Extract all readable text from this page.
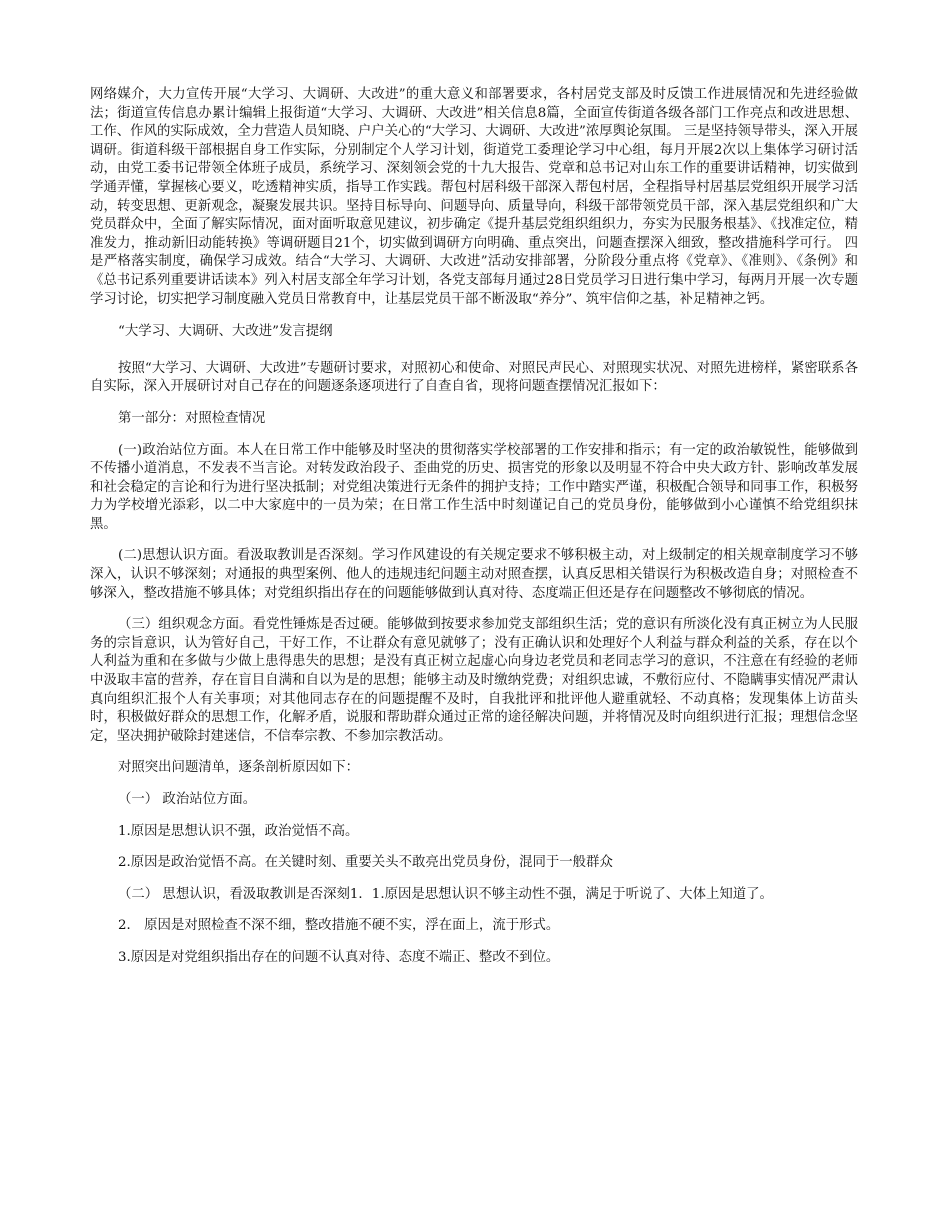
网络媒介，大力宣传开展“大学习、大调研、大改进”的重大意义和部署要求，各村居党支部及时反馈工作进展情况和先进经验做法；街道宣传信息办累计编辑上报街道“大学习、大调研、大改进”相关信息8篇，全面宣传街道各级各部门工作亮点和改进思想、工作、作风的实际成效，全力营造人员知晓、户户关心的“大学习、大调研、大改进”浓厚舆论氛围。 三是坚持领导带头，深入开展调研。街道科级干部根据自身工作实际，分别制定个人学习计划，街道党工委理论学习中心组，每月开展2次以上集体学习研讨活动，由党工委书记带领全体班子成员，系统学习、深刻领会党的十九大报告、党章和总书记对山东工作的重要讲话精神，切实做到学通弄懂，掌握核心要义，吃透精神实质，指导工作实践。帮包村居科级干部深入帮包村居，全程指导村居基层党组织开展学习活动，转变思想、更新观念，凝聚发展共识。坚持目标导向、问题导向、质量导向，科级干部带领党员干部，深入基层党组织和广大党员群众中，全面了解实际情况，面对面听取意见建议，初步确定《提升基层党组织组织力，夯实为民服务根基》、《找准定位，精准发力，推动新旧动能转换》等调研题目21个，切实做到调研方向明确、重点突出，问题查摆深入细致，整改措施科学可行。 四是严格落实制度，确保学习成效。结合“大学习、大调研、大改进”活动安排部署，分阶段分重点将《党章》、《准则》、《条例》和《总书记系列重要讲话读本》列入村居支部全年学习计划，各党支部每月通过28日党员学习日进行集中学习，每两月开展一次专题学习讨论，切实把学习制度融入党员日常教育中，让基层党员干部不断汲取“养分”、筑牢信仰之基，补足精神之钙。

“大学习、大调研、大改进”发言提纲

按照“大学习、大调研、大改进”专题研讨要求，对照初心和使命、对照民声民心、对照现实状况、对照先进榜样，紧密联系各自实际，深入开展研讨对自己存在的问题逐条逐项进行了自查自省，现将问题查摆情况汇报如下：

第一部分：对照检查情况

(一)政治站位方面。本人在日常工作中能够及时坚决的贯彻落实学校部署的工作安排和指示；有一定的政治敏锐性，能够做到不传播小道消息，不发表不当言论。对转发政治段子、歪曲党的历史、损害党的形象以及明显不符合中央大政方针、影响改革发展和社会稳定的言论和行为进行坚决抵制；对党组决策进行无条件的拥护支持；工作中踏实严谨，积极配合领导和同事工作，积极努力为学校增光添彩，以二中大家庭中的一员为荣；在日常工作生活中时刻谨记自己的党员身份，能够做到小心谨慎不给党组织抹黑。

(二)思想认识方面。看汲取教训是否深刻。学习作风建设的有关规定要求不够积极主动，对上级制定的相关规章制度学习不够深入，认识不够深刻；对通报的典型案例、他人的违规违纪问题主动对照查摆，认真反思相关错误行为积极改造自身；对照检查不够深入，整改措施不够具体；对党组织指出存在的问题能够做到认真对待、态度端正但还是存在问题整改不够彻底的情况。

（三）组织观念方面。看党性锤炼是否过硬。能够做到按要求参加党支部组织生活；党的意识有所淡化没有真正树立为人民服务的宗旨意识，认为管好自己，干好工作，不让群众有意见就够了；没有正确认识和处理好个人利益与群众利益的关系，存在以个人利益为重和在多做与少做上患得患失的思想；是没有真正树立起虚心向身边老党员和老同志学习的意识，不注意在有经验的老师中汲取丰富的营养，存在盲目自满和自以为是的思想；能够主动及时缴纳党费；对组织忠诚，不敷衍应付、不隐瞒事实情况严肃认真向组织汇报个人有关事项；对其他同志存在的问题提醒不及时，自我批评和批评他人避重就轻、不动真格；发现集体上访苗头时，积极做好群众的思想工作，化解矛盾，说服和帮助群众通过正常的途径解决问题，并将情况及时向组织进行汇报；理想信念坚定，坚决拥护破除封建迷信，不信奉宗教、不参加宗教活动。

对照突出问题清单，逐条剖析原因如下：

（一） 政治站位方面。

1.原因是思想认识不强，政治觉悟不高。

2.原因是政治觉悟不高。在关键时刻、重要关头不敢亮出党员身份，混同于一般群众

（二） 思想认识，看汲取教训是否深刻1．1.原因是思想认识不够主动性不强，满足于听说了、大体上知道了。

2． 原因是对照检查不深不细，整改措施不硬不实，浮在面上，流于形式。

3.原因是对党组织指出存在的问题不认真对待、态度不端正、整改不到位。
